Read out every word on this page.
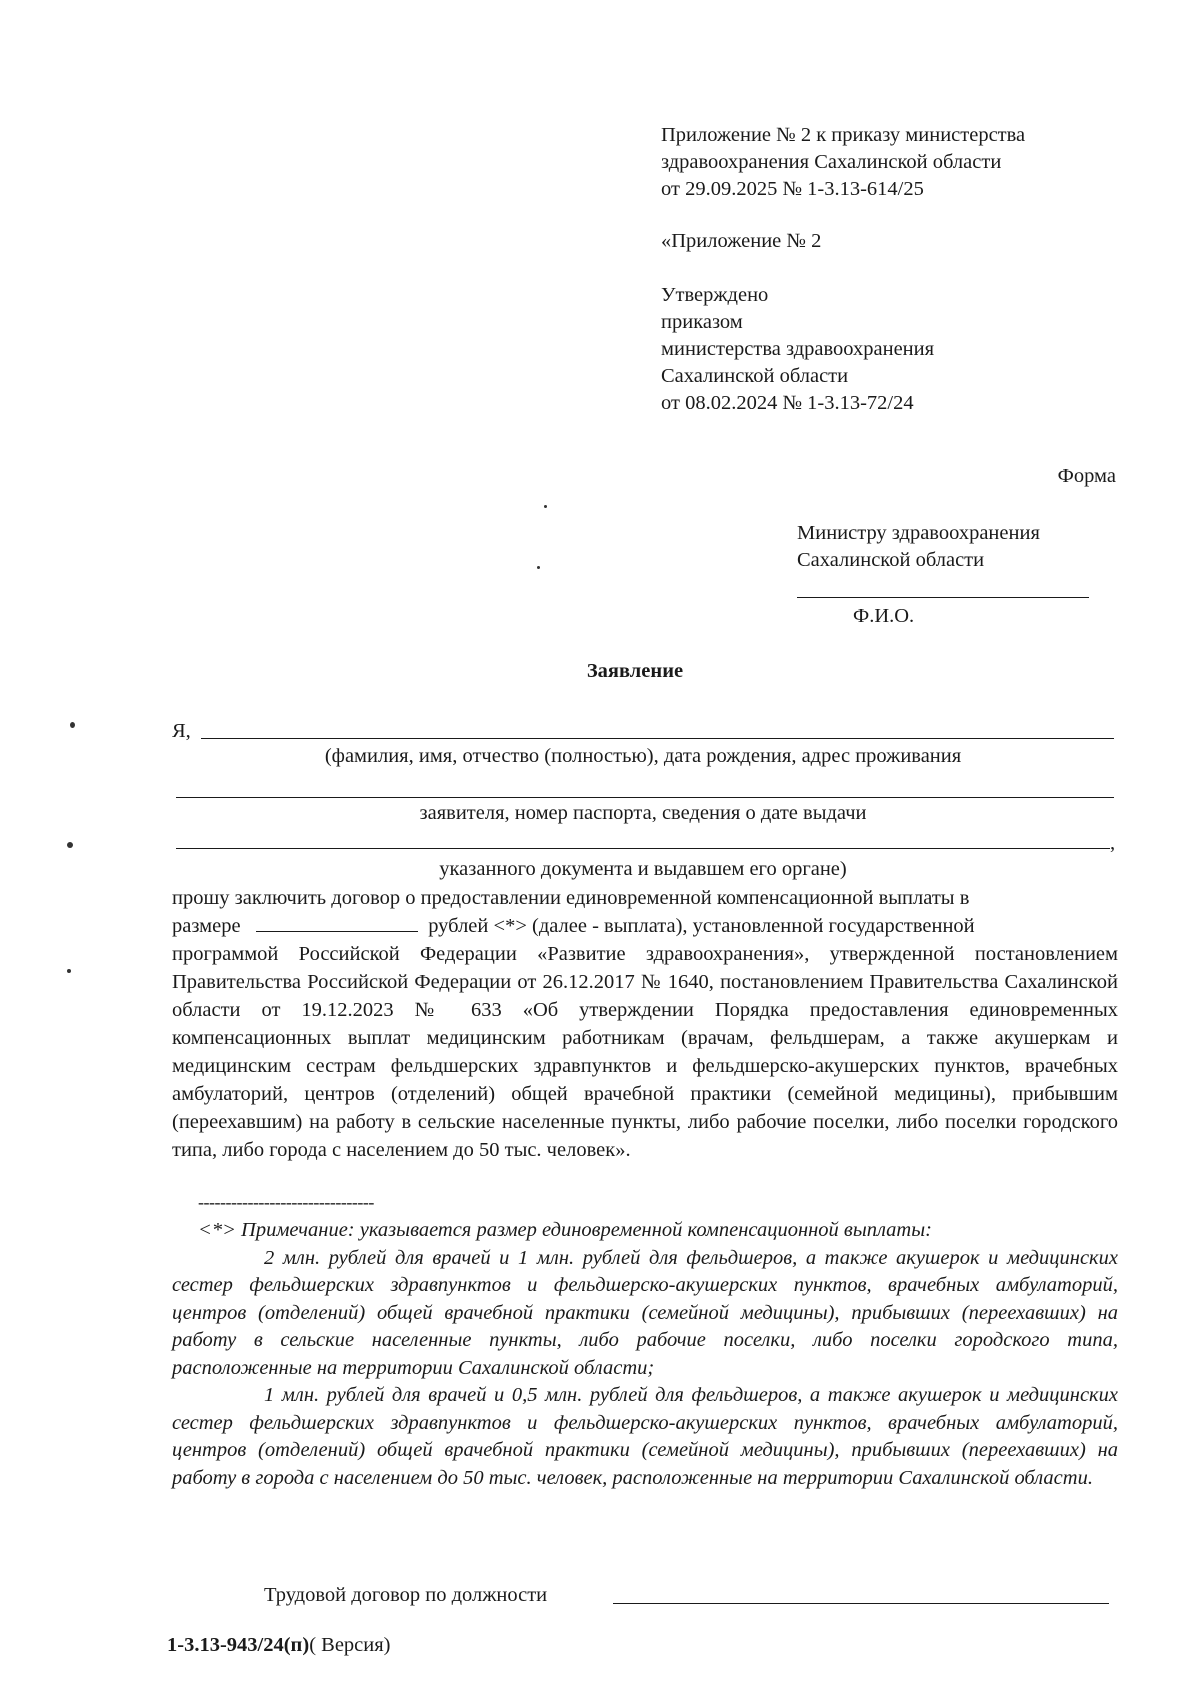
Приложение № 2 к приказу министерства
здравоохранения Сахалинской области
от 29.09.2025 № 1-3.13-614/25
«Приложение № 2
Утверждено
приказом
министерства здравоохранения
Сахалинской области
от 08.02.2024 № 1-3.13-72/24
Форма
Министру здравоохранения
Сахалинской области
Ф.И.О.
Заявление
Я,
(фамилия, имя, отчество (полностью), дата рождения, адрес проживания
заявителя, номер паспорта, сведения о дате выдачи
,
указанного документа и выдавшем его органе)

прошу заключить договор о предоставлении единовременной компенсационной выплаты в

размере	рублей <*> (далее - выплата), установленной государственной

программой Российской Федерации «Развитие здравоохранения», утвержденной постановлением Правительства Российской Федерации от 26.12.2017 № 1640, постановлением Правительства Сахалинской области от 19.12.2023 № 633 «Об утверждении Порядка предоставления единовременных компенсационных выплат медицинским работникам (врачам, фельдшерам, а также акушеркам и медицинским сестрам фельдшерских здравпунктов и фельдшерско-акушерских пунктов, врачебных амбулаторий, центров (отделений) общей врачебной практики (семейной медицины), прибывшим (переехавшим) на работу в сельские населенные пункты, либо рабочие поселки, либо поселки городского типа, либо города с населением до 50 тыс. человек».

--------------------------------

<*> Примечание: указывается размер единовременной компенсационной выплаты:

2 млн. рублей для врачей и 1 млн. рублей для фельдшеров, а также акушерок и медицинских сестер фельдшерских здравпунктов и фельдшерско-акушерских пунктов, врачебных амбулаторий, центров (отделений) общей врачебной практики (семейной медицины), прибывших (переехавших) на работу в сельские населенные пункты, либо рабочие поселки, либо поселки городского типа, расположенные на территории Сахалинской области;

1 млн. рублей для врачей и 0,5 млн. рублей для фельдшеров, а также акушерок и медицинских сестер фельдшерских здравпунктов и фельдшерско-акушерских пунктов, врачебных амбулаторий, центров (отделений) общей врачебной практики (семейной медицины), прибывших (переехавших) на работу в города с населением до 50 тыс. человек, расположенные на территории Сахалинской области.

Трудовой договор по должности
1-3.13-943/24(п)( Версия)
